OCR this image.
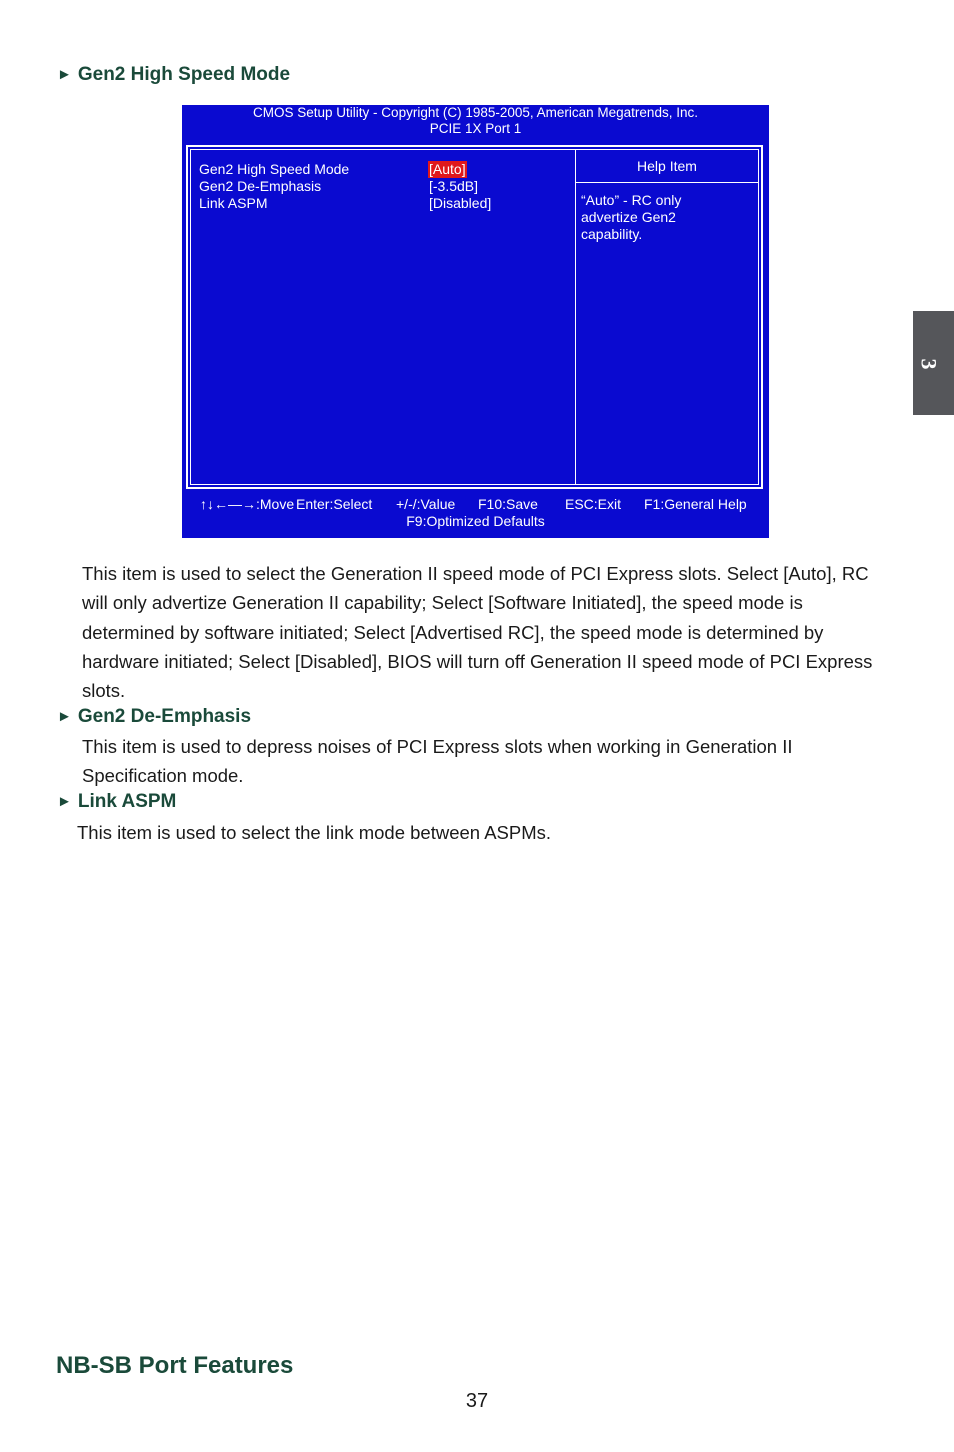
► Gen2 High Speed Mode
CMOS Setup Utility - Copyright (C) 1985-2005, American Megatrends, Inc.
PCIE 1X Port 1
Gen2 High Speed Mode	[Auto]
Gen2 De-Emphasis	[-3.5dB]
Link ASPM	[Disabled]
Help Item
“Auto” - RC only
advertize Gen2
capability.
↑↓←—→:Move Enter:Select +/-/:Value F10:Save ESC:Exit F1:General Help
F9:Optimized Defaults

This item is used to select the Generation II speed mode of PCI Express slots. Select [Auto], RC will only advertize Generation II capability; Select [Software Initiated], the speed mode is determined by software initiated; Select [Advertised RC], the speed mode is determined by hardware initiated; Select [Disabled], BIOS will turn off Generation II speed mode of PCI Express slots.

► Gen2 De-Emphasis

This item is used to depress noises of PCI Express slots when working in Generation II Specification mode.

► Link ASPM

This item is used to select the link mode between ASPMs.

3
NB-SB Port Features
37
